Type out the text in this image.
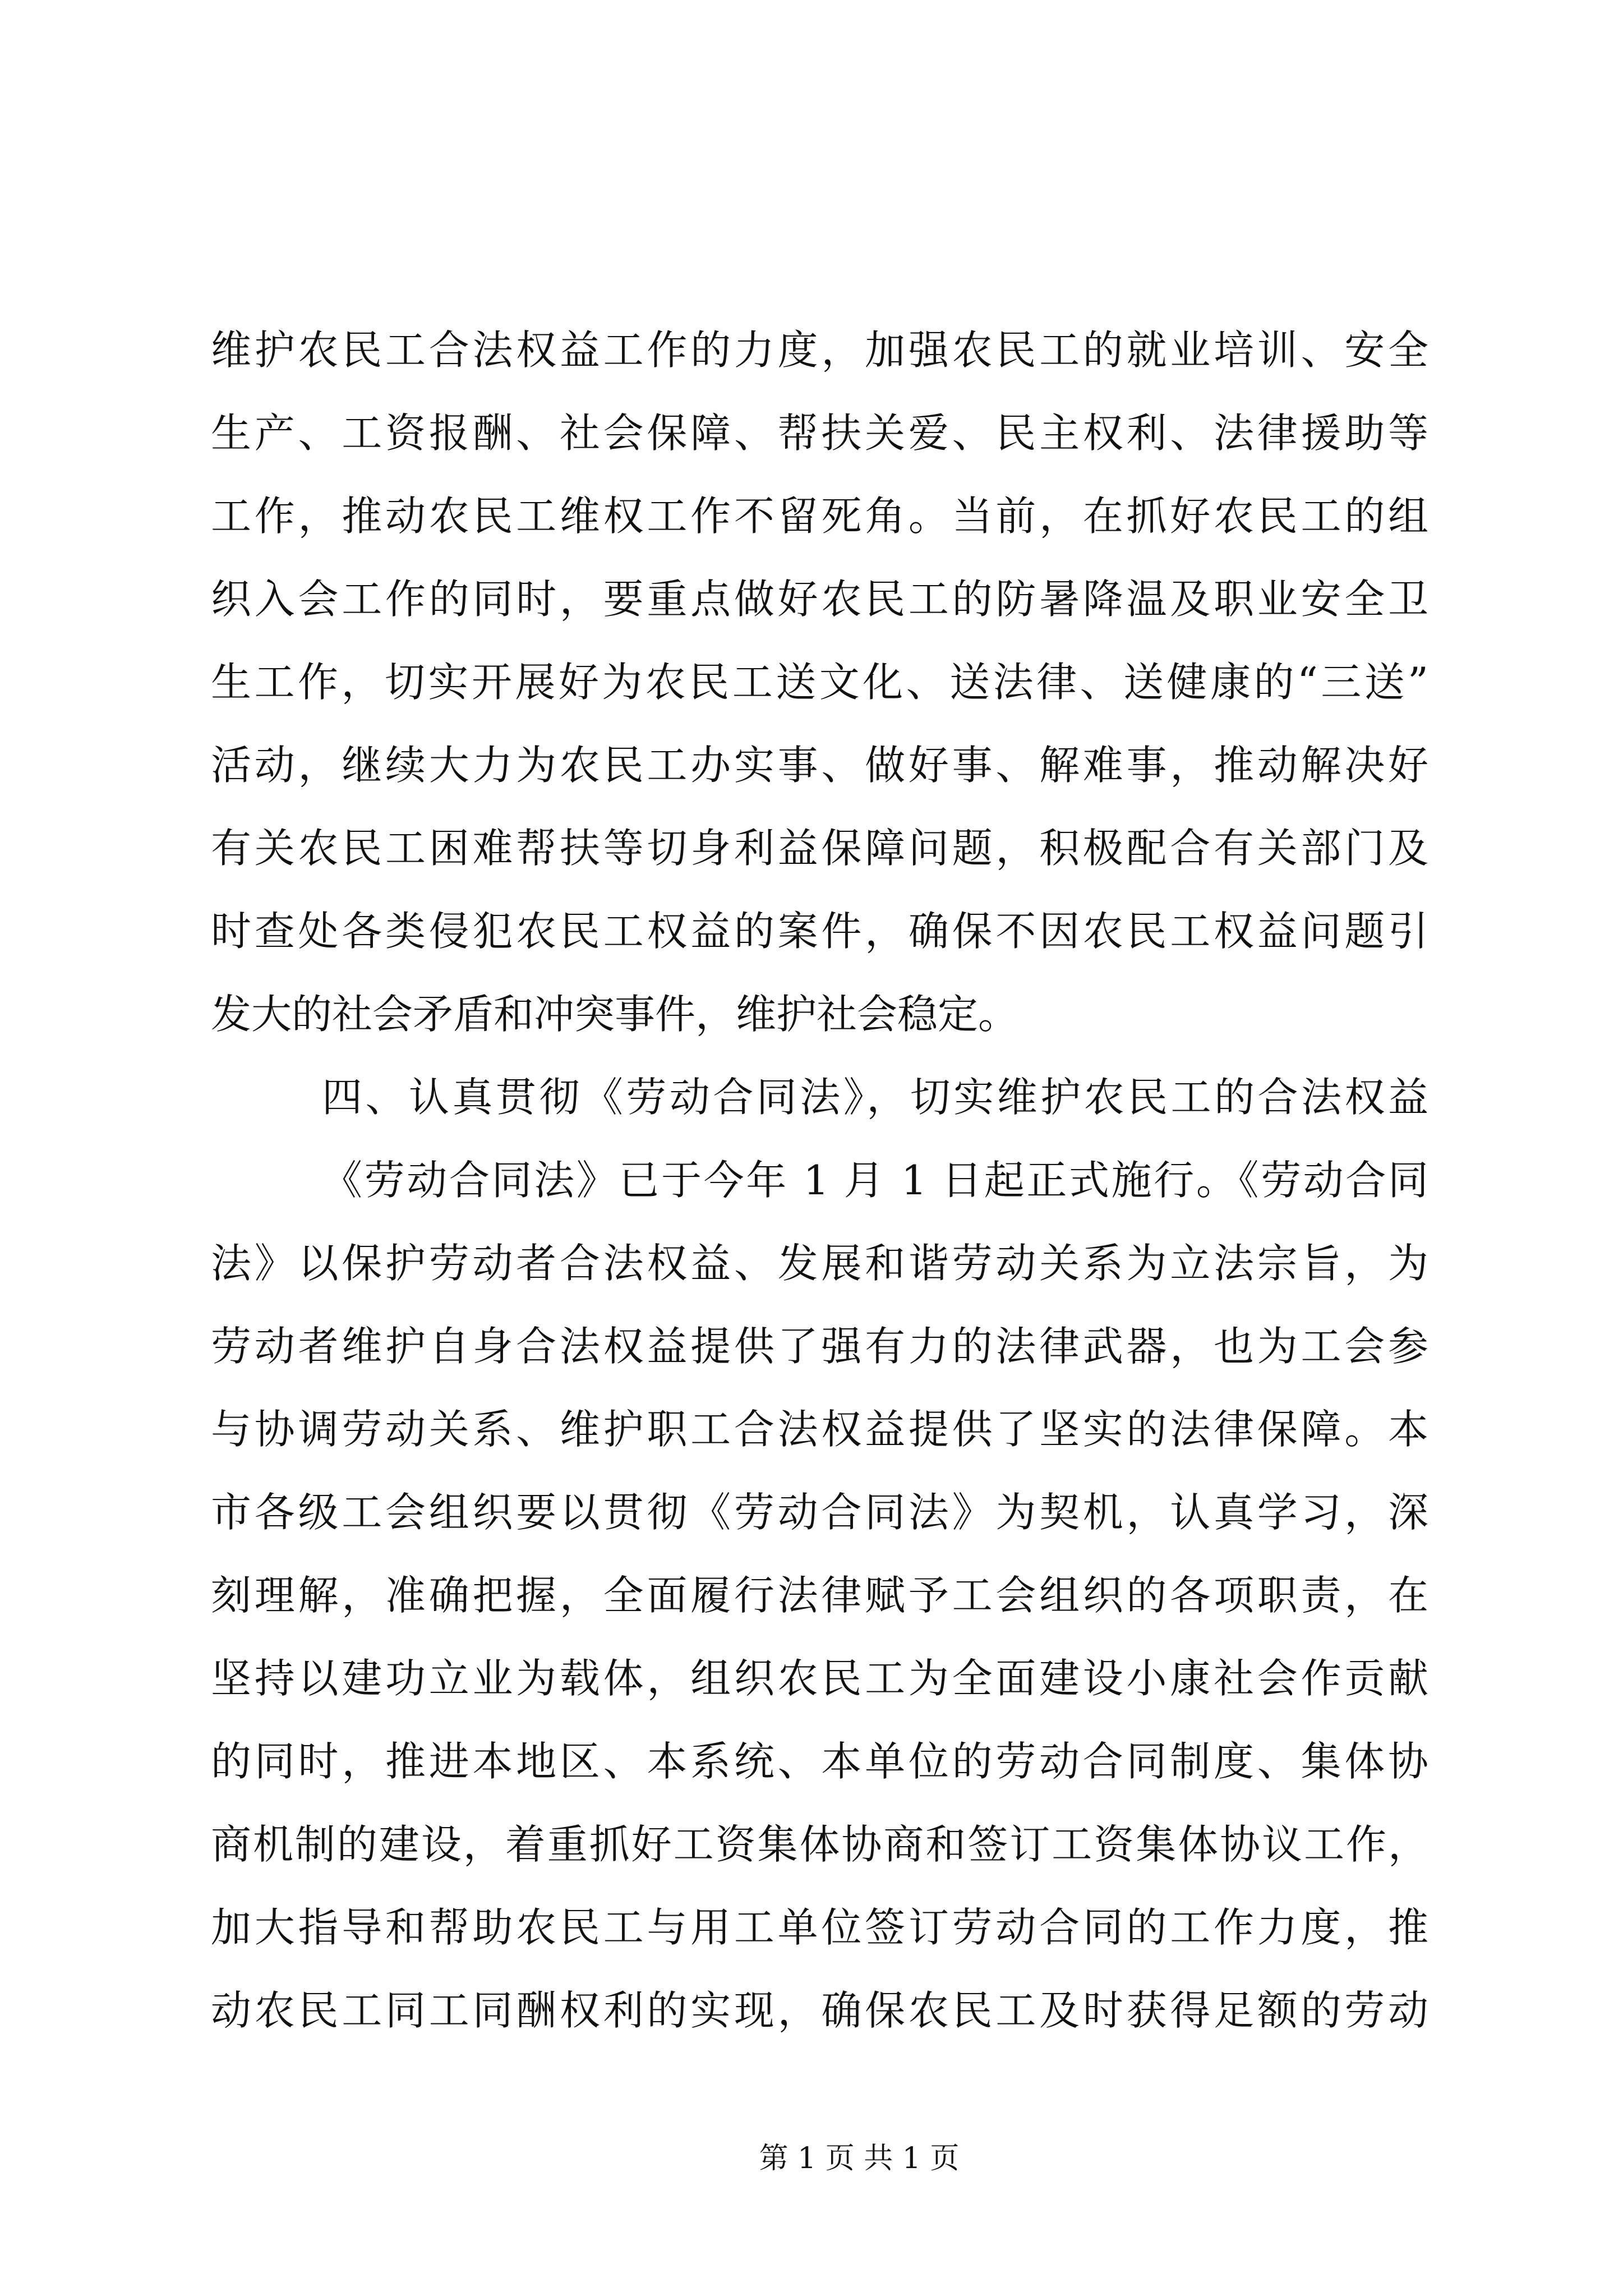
维护农民工合法权益工作的力度，加强农民工的就业培训、安全
生产、工资报酬、社会保障、帮扶关爱、民主权利、法律援助等
工作，推动农民工维权工作不留死角。当前，在抓好农民工的组
织入会工作的同时，要重点做好农民工的防暑降温及职业安全卫
生工作，切实开展好为农民工送文化、送法律、送健康的“三送”
活动，继续大力为农民工办实事、做好事、解难事，推动解决好
有关农民工困难帮扶等切身利益保障问题，积极配合有关部门及
时查处各类侵犯农民工权益的案件，确保不因农民工权益问题引
发大的社会矛盾和冲突事件，维护社会稳定。
四、认真贯彻《劳动合同法》，切实维护农民工的合法权益
《劳动合同法》已于今年 1 月 1 日起正式施行。《劳动合同
法》以保护劳动者合法权益、发展和谐劳动关系为立法宗旨，为
劳动者维护自身合法权益提供了强有力的法律武器，也为工会参
与协调劳动关系、维护职工合法权益提供了坚实的法律保障。本
市各级工会组织要以贯彻《劳动合同法》为契机，认真学习，深
刻理解，准确把握，全面履行法律赋予工会组织的各项职责，在
坚持以建功立业为载体，组织农民工为全面建设小康社会作贡献
的同时，推进本地区、本系统、本单位的劳动合同制度、集体协
商机制的建设，着重抓好工资集体协商和签订工资集体协议工作，
加大指导和帮助农民工与用工单位签订劳动合同的工作力度，推
动农民工同工同酬权利的实现，确保农民工及时获得足额的劳动
第 1 页 共 1 页
